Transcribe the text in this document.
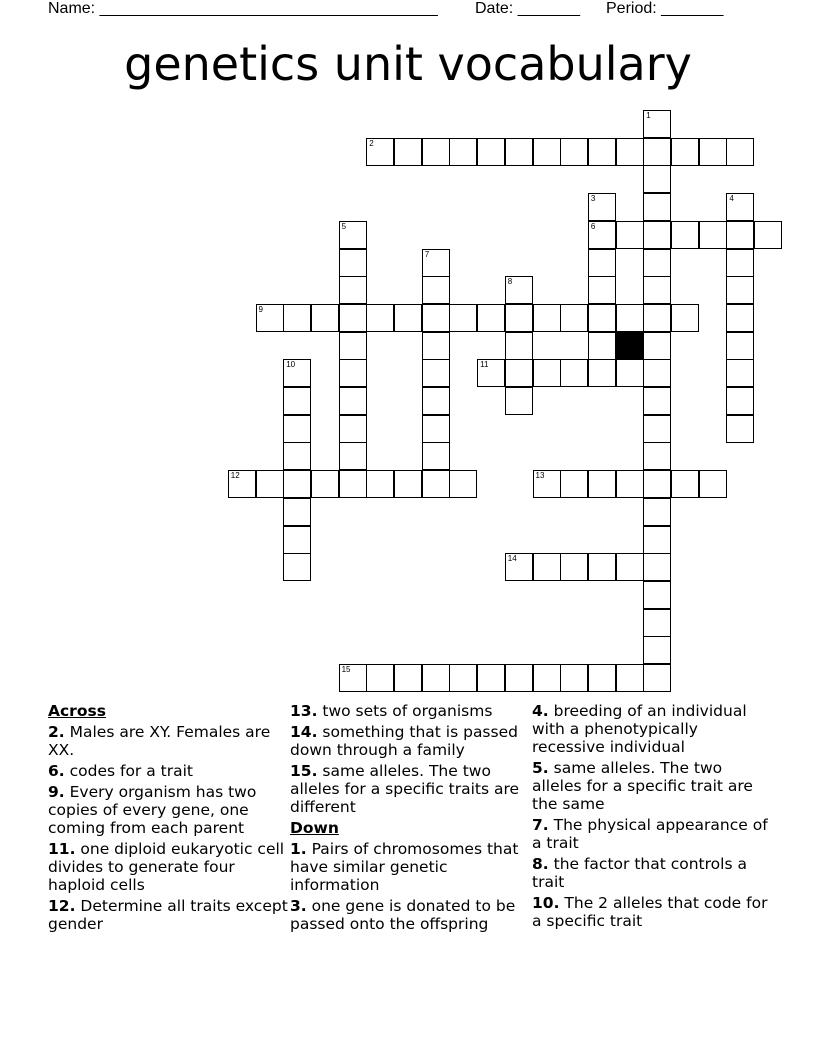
Name: ______________________________________ Date: _______ Period: _______
genetics unit vocabulary
2
6
9
11
12	13
14
15
1
3	4
5
7
8
10
Across
2. Males are XY. Females are XX.
6. codes for a trait
9. Every organism has two copies of every gene, one coming from each parent
11. one diploid eukaryotic cell divides to generate four haploid cells
12. Determine all traits except gender
13. two sets of organisms
14. something that is passed down through a family
15. same alleles. The two alleles for a specific traits are different
Down
1. Pairs of chromosomes that have similar genetic information
3. one gene is donated to be passed onto the offspring
4. breeding of an individual with a phenotypically recessive individual
5. same alleles. The two alleles for a specific trait are the same
7. The physical appearance of a trait
8. the factor that controls a trait
10. The 2 alleles that code for a specific trait
